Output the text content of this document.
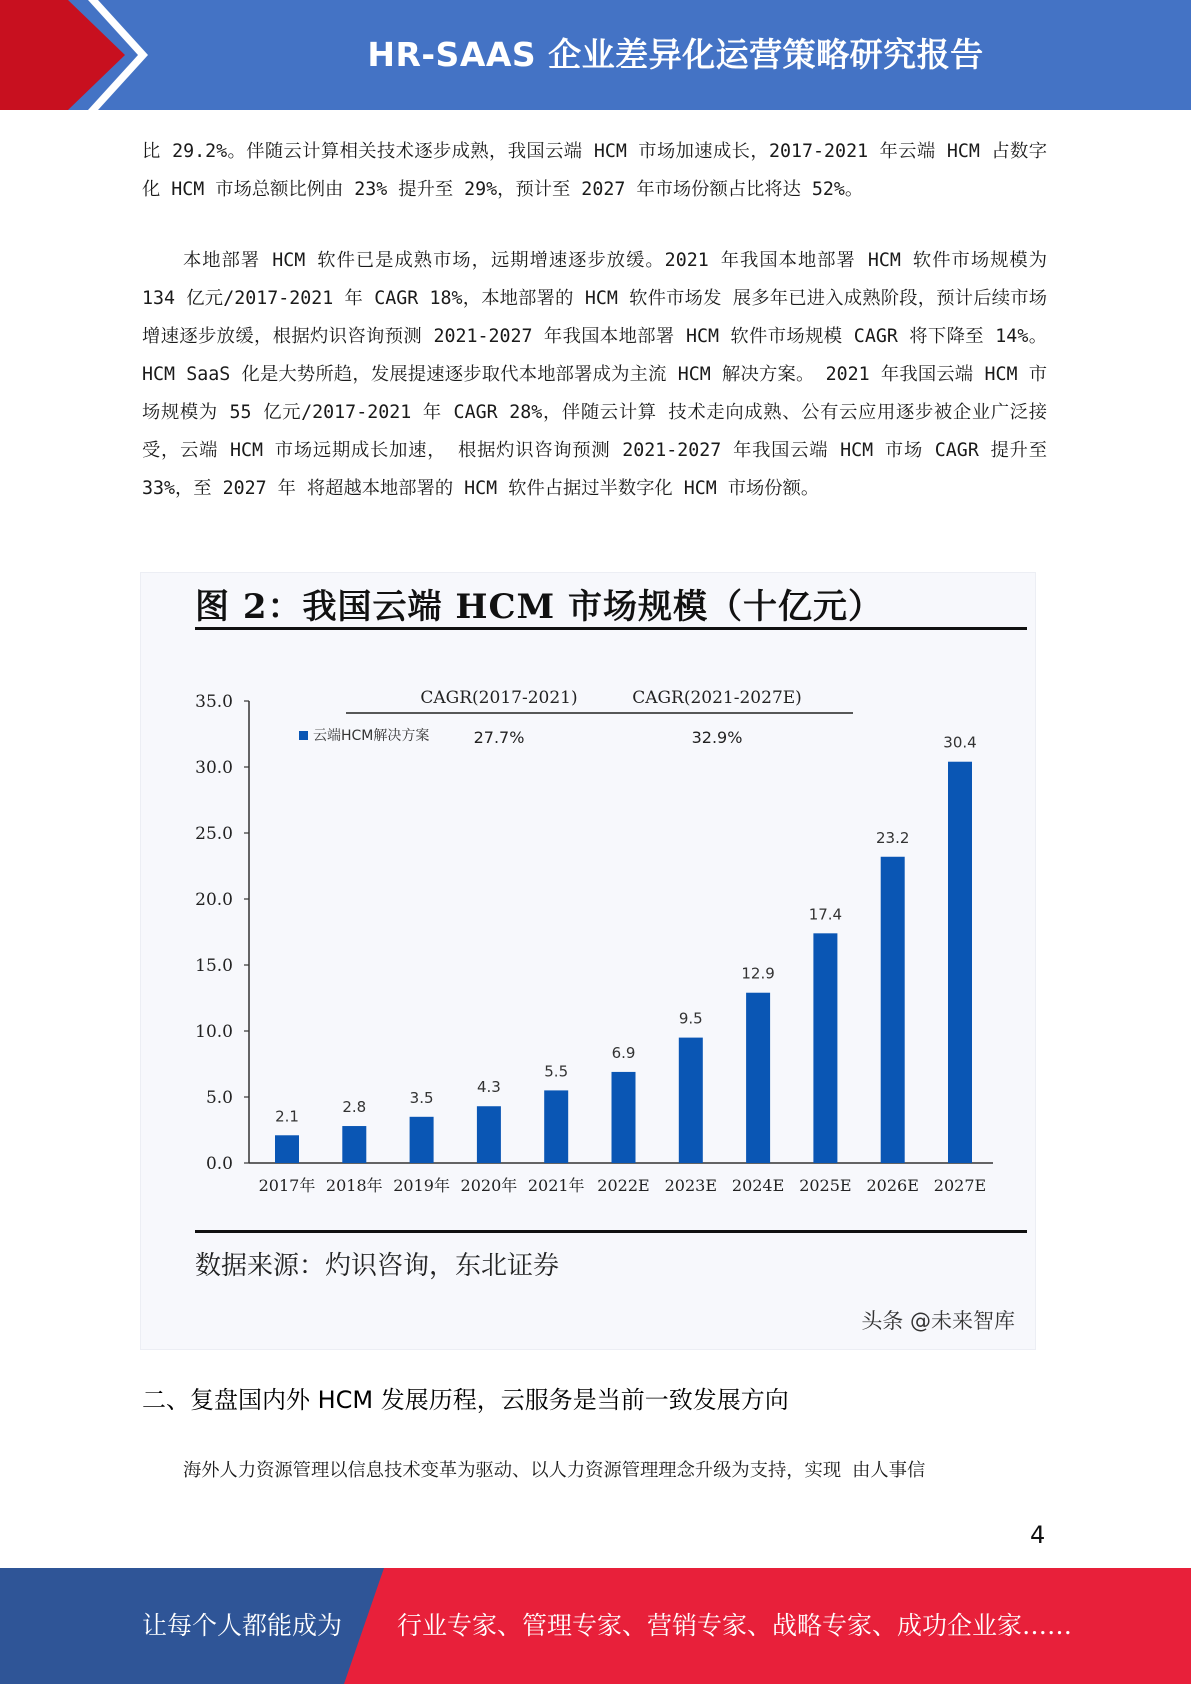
HR-SAAS 企业差异化运营策略研究报告

比 29.2%。伴随云计算相关技术逐步成熟，我国云端 HCM 市场加速成长，2017-2021 年云端 HCM 占数字化 HCM 市场总额比例由 23% 提升至 29%，预计至 2027 年市场份额占比将达 52%。

本地部署 HCM 软件已是成熟市场，远期增速逐步放缓。2021 年我国本地部署 HCM 软件市场规模为 134 亿元/2017-2021 年 CAGR 18%，本地部署的 HCM 软件市场发 展多年已进入成熟阶段，预计后续市场增速逐步放缓，根据灼识咨询预测 2021-2027 年我国本地部署 HCM 软件市场规模 CAGR 将下降至 14%。 HCM SaaS 化是大势所趋，发展提速逐步取代本地部署成为主流 HCM 解决方案。 2021 年我国云端 HCM 市场规模为 55 亿元/2017-2021 年 CAGR 28%，伴随云计算 技术走向成熟、公有云应用逐步被企业广泛接受，云端 HCM 市场远期成长加速， 根据灼识咨询预测 2021-2027 年我国云端 HCM 市场 CAGR 提升至 33%，至 2027 年 将超越本地部署的 HCM 软件占据过半数字化 HCM 市场份额。

图 2：我国云端 HCM 市场规模（十亿元）
0.0
5.0
10.0
15.0
20.0
25.0
30.0
35.0
2.1
2017年
2.8
2018年
3.5
2019年
4.3
2020年
5.5
2021年
6.9
2022E
9.5
2023E
12.9
2024E
17.4
2025E
23.2
2026E
30.4
2027E
云端HCM解决方案
CAGR(2017-2021)
27.7%
CAGR(2021-2027E)
32.9%
数据来源：灼识咨询，东北证券
头条 @未来智库
二、复盘国内外 HCM 发展历程，云服务是当前一致发展方向

海外人力资源管理以信息技术变革为驱动、以人力资源管理理念升级为支持，实现 由人事信

4
让每个人都能成为 行业专家、管理专家、营销专家、战略专家、成功企业家……
